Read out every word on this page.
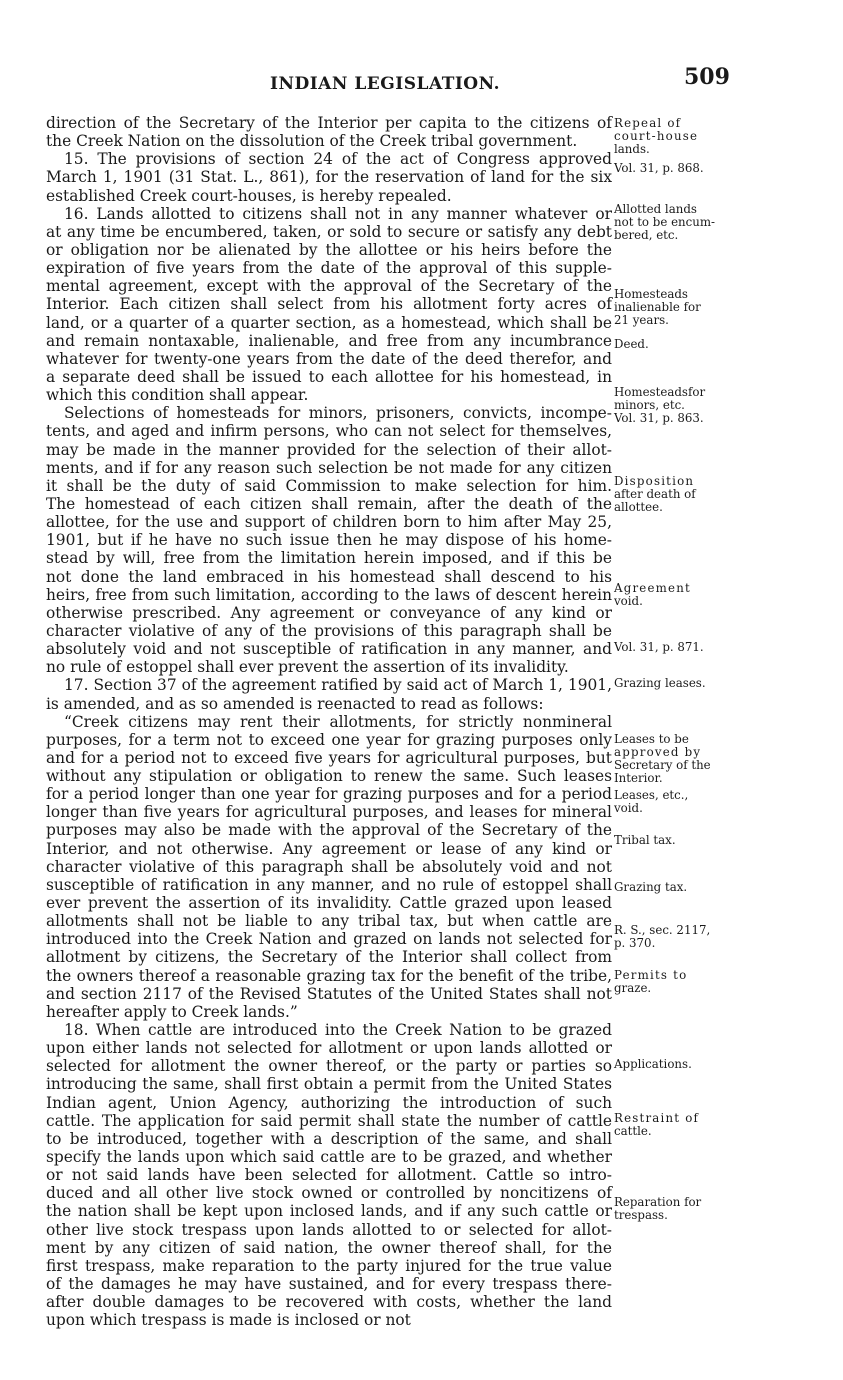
INDIAN LEGISLATION.	509
direction of the Secretary of the Interior per capita to the citizens of
the Creek Nation on the dissolution of the Creek tribal government.
15. The provisions of section 24 of the act of Congress approved
March 1, 1901 (31 Stat. L., 861), for the reservation of land for the six
established Creek court-houses, is hereby repealed.
16. Lands allotted to citizens shall not in any manner whatever or
at any time be encumbered, taken, or sold to secure or satisfy any debt
or obligation nor be alienated by the allottee or his heirs before the
expiration of five years from the date of the approval of this supple-
mental agreement, except with the approval of the Secretary of the
Interior. Each citizen shall select from his allotment forty acres of
land, or a quarter of a quarter section, as a homestead, which shall be
and remain nontaxable, inalienable, and free from any incumbrance
whatever for twenty-one years from the date of the deed therefor, and
a separate deed shall be issued to each allottee for his homestead, in
which this condition shall appear.
Selections of homesteads for minors, prisoners, convicts, incompe-
tents, and aged and infirm persons, who can not select for themselves,
may be made in the manner provided for the selection of their allot-
ments, and if for any reason such selection be not made for any citizen
it shall be the duty of said Commission to make selection for him.
The homestead of each citizen shall remain, after the death of the
allottee, for the use and support of children born to him after May 25,
1901, but if he have no such issue then he may dispose of his home-
stead by will, free from the limitation herein imposed, and if this be
not done the land embraced in his homestead shall descend to his
heirs, free from such limitation, according to the laws of descent herein
otherwise prescribed. Any agreement or conveyance of any kind or
character violative of any of the provisions of this paragraph shall be
absolutely void and not susceptible of ratification in any manner, and
no rule of estoppel shall ever prevent the assertion of its invalidity.
17. Section 37 of the agreement ratified by said act of March 1, 1901,
is amended, and as so amended is reenacted to read as follows:
“Creek citizens may rent their allotments, for strictly nonmineral
purposes, for a term not to exceed one year for grazing purposes only
and for a period not to exceed five years for agricultural purposes, but
without any stipulation or obligation to renew the same. Such leases
for a period longer than one year for grazing purposes and for a period
longer than five years for agricultural purposes, and leases for mineral
purposes may also be made with the approval of the Secretary of the
Interior, and not otherwise. Any agreement or lease of any kind or
character violative of this paragraph shall be absolutely void and not
susceptible of ratification in any manner, and no rule of estoppel shall
ever prevent the assertion of its invalidity. Cattle grazed upon leased
allotments shall not be liable to any tribal tax, but when cattle are
introduced into the Creek Nation and grazed on lands not selected for
allotment by citizens, the Secretary of the Interior shall collect from
the owners thereof a reasonable grazing tax for the benefit of the tribe,
and section 2117 of the Revised Statutes of the United States shall not
hereafter apply to Creek lands.”
18. When cattle are introduced into the Creek Nation to be grazed
upon either lands not selected for allotment or upon lands allotted or
selected for allotment the owner thereof, or the party or parties so
introducing the same, shall first obtain a permit from the United States
Indian agent, Union Agency, authorizing the introduction of such
cattle. The application for said permit shall state the number of cattle
to be introduced, together with a description of the same, and shall
specify the lands upon which said cattle are to be grazed, and whether
or not said lands have been selected for allotment. Cattle so intro-
duced and all other live stock owned or controlled by noncitizens of
the nation shall be kept upon inclosed lands, and if any such cattle or
other live stock trespass upon lands allotted to or selected for allot-
ment by any citizen of said nation, the owner thereof shall, for the
first trespass, make reparation to the party injured for the true value
of the damages he may have sustained, and for every trespass there-
after double damages to be recovered with costs, whether the land
upon which trespass is made is inclosed or not
Repeal of
court-house
lands.
Vol. 31, p. 868.
Allotted lands
not to be encum-
bered, etc.
Homesteads
inalienable for
21 years.
Deed.
Homesteadsfor
minors, etc.
Vol. 31, p. 863.
Disposition
after death of
allottee.
Agreement
void.
Vol. 31, p. 871.
Grazing leases.
Leases to be
approved by
Secretary of the
Interior.
Leases, etc.,
void.
Tribal tax.
Grazing tax.
R. S., sec. 2117,
p. 370.
Permits to
graze.
Applications.
Restraint of
cattle.
Reparation for
trespass.
